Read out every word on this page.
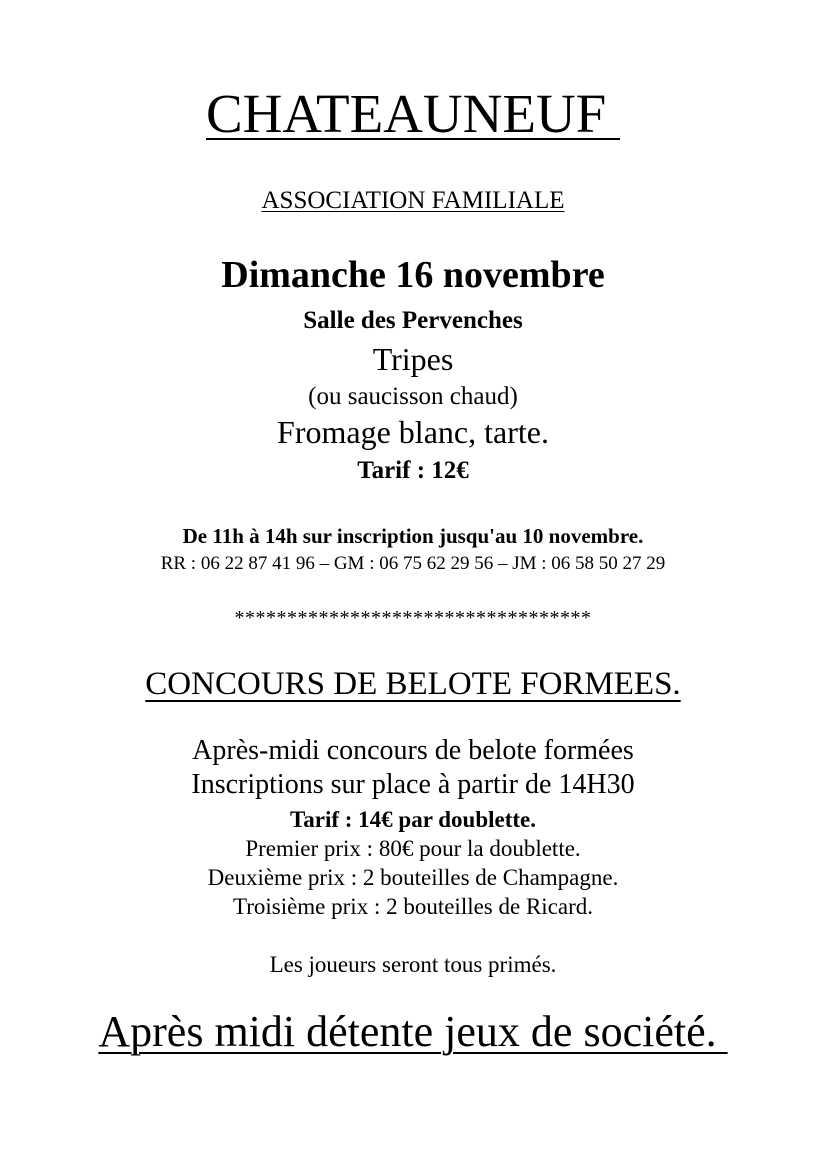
CHATEAUNEUF
ASSOCIATION FAMILIALE
Dimanche 16 novembre
Salle des Pervenches
Tripes
(ou saucisson chaud)
Fromage blanc, tarte.
Tarif : 12€
De 11h à 14h sur inscription jusqu'au 10 novembre.
RR : 06 22 87 41 96 – GM : 06 75 62 29 56 – JM : 06 58 50 27 29
**********************************
CONCOURS DE BELOTE FORMEES.
Après-midi concours de belote formées
Inscriptions sur place à partir de 14H30
Tarif : 14€ par doublette.
Premier prix : 80€ pour la doublette.
Deuxième prix : 2 bouteilles de Champagne.
Troisième prix : 2 bouteilles de Ricard.
Les joueurs seront tous primés.
Après midi détente jeux de société.
